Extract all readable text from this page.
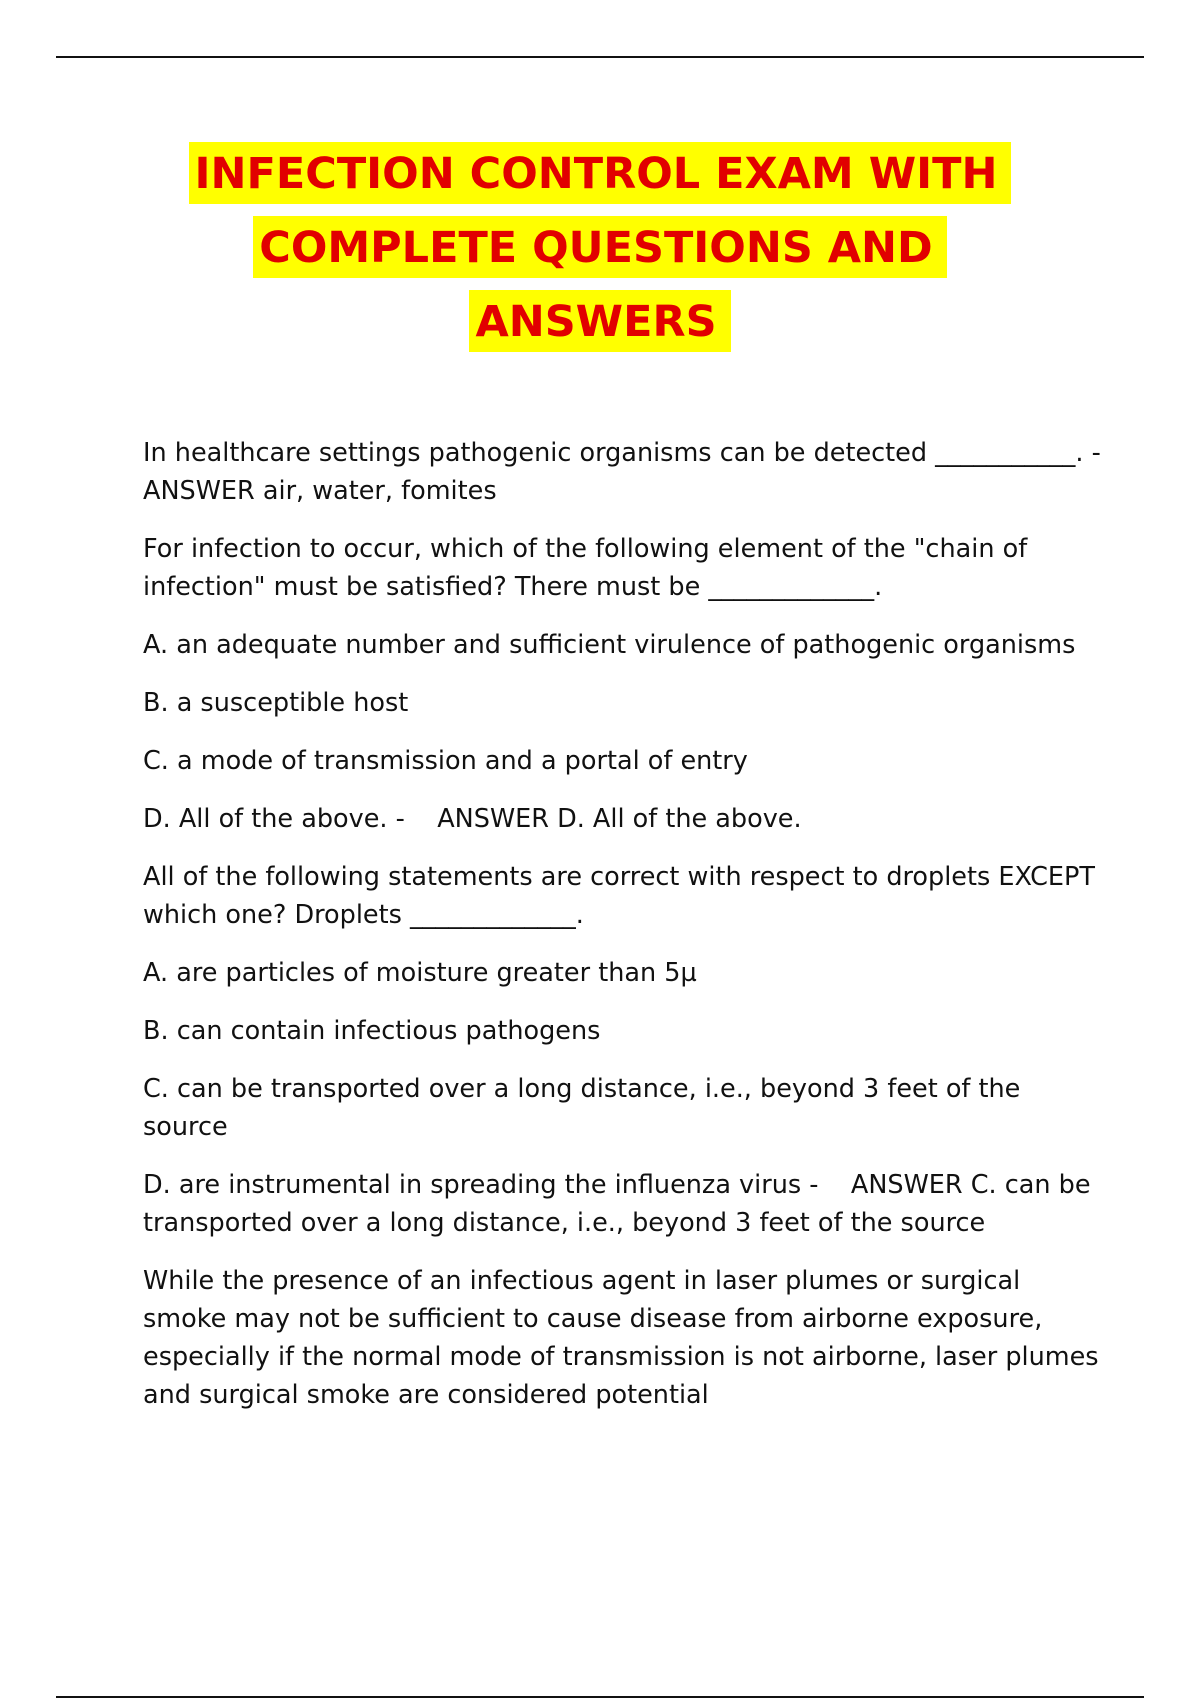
INFECTION CONTROL EXAM WITH
COMPLETE QUESTIONS AND
ANSWERS

In healthcare settings pathogenic organisms can be detected ___________. -    ANSWER air, water, fomites

For infection to occur, which of the following element of the "chain of infection" must be satisfied? There must be _____________.

A. an adequate number and sufficient virulence of pathogenic organisms

B. a susceptible host

C. a mode of transmission and a portal of entry

D. All of the above. -    ANSWER D. All of the above.

All of the following statements are correct with respect to droplets EXCEPT which one? Droplets _____________.

A. are particles of moisture greater than 5µ

B. can contain infectious pathogens

C. can be transported over a long distance, i.e., beyond 3 feet of the source

D. are instrumental in spreading the influenza virus -    ANSWER C. can be transported over a long distance, i.e., beyond 3 feet of the source

While the presence of an infectious agent in laser plumes or surgical smoke may not be sufficient to cause disease from airborne exposure, especially if the normal mode of transmission is not airborne, laser plumes and surgical smoke are considered potential
